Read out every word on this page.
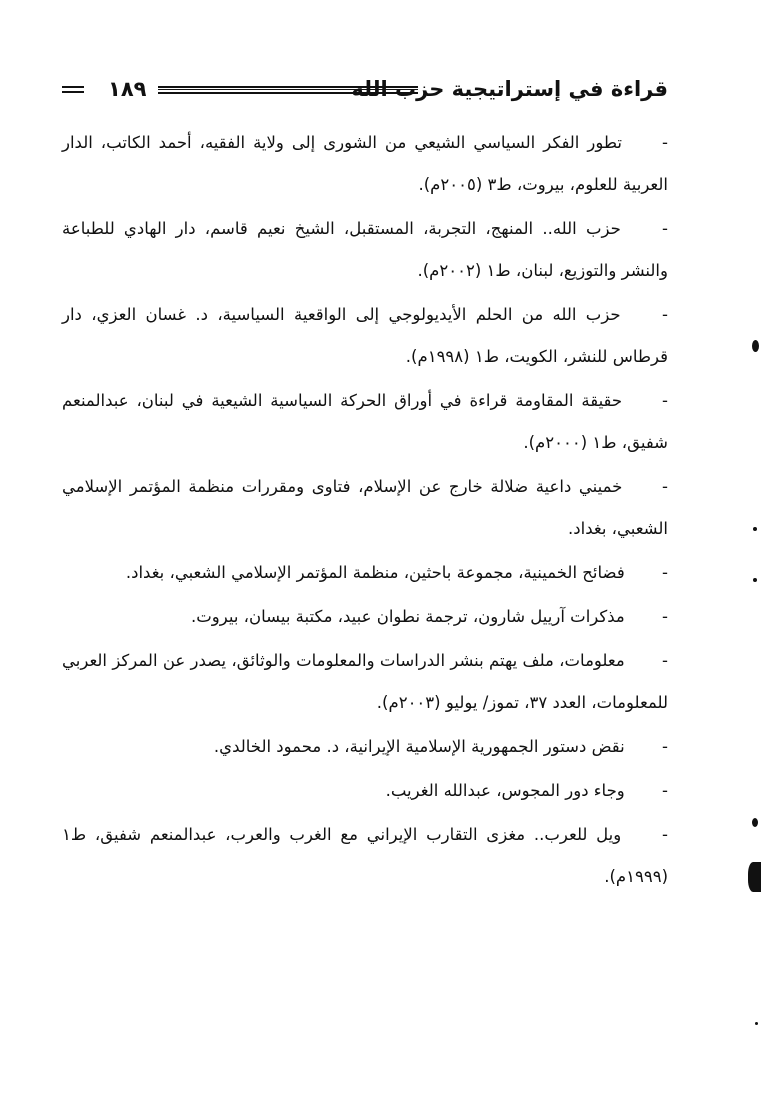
قراءة في إستراتيجية حزب الله
١٨٩

- تطور الفكر السياسي الشيعي من الشورى إلى ولاية الفقيه، أحمد الكاتب، الدار العربية للعلوم، بيروت، ط٣ (٢٠٠٥م).

- حزب الله.. المنهج، التجربة، المستقبل، الشيخ نعيم قاسم، دار الهادي للطباعة والنشر والتوزيع، لبنان، ط١ (٢٠٠٢م).

- حزب الله من الحلم الأيديولوجي إلى الواقعية السياسية، د. غسان العزي، دار قرطاس للنشر، الكويت، ط١ (١٩٩٨م).

- حقيقة المقاومة قراءة في أوراق الحركة السياسية الشيعية في لبنان، عبدالمنعم شفيق، ط١ (٢٠٠٠م).

- خميني داعية ضلالة خارج عن الإسلام، فتاوى ومقررات منظمة المؤتمر الإسلامي الشعبي، بغداد.

- فضائح الخمينية، مجموعة باحثين، منظمة المؤتمر الإسلامي الشعبي، بغداد.

- مذكرات آرييل شارون، ترجمة نطوان عبيد، مكتبة بيسان، بيروت.

- معلومات، ملف يهتم بنشر الدراسات والمعلومات والوثائق، يصدر عن المركز العربي للمعلومات، العدد ٣٧، تموز/ يوليو (٢٠٠٣م).

- نقض دستور الجمهورية الإسلامية الإيرانية، د. محمود الخالدي.

- وجاء دور المجوس، عبدالله الغريب.

- ويل للعرب.. مغزى التقارب الإيراني مع الغرب والعرب، عبدالمنعم شفيق، ط١ (١٩٩٩م).
